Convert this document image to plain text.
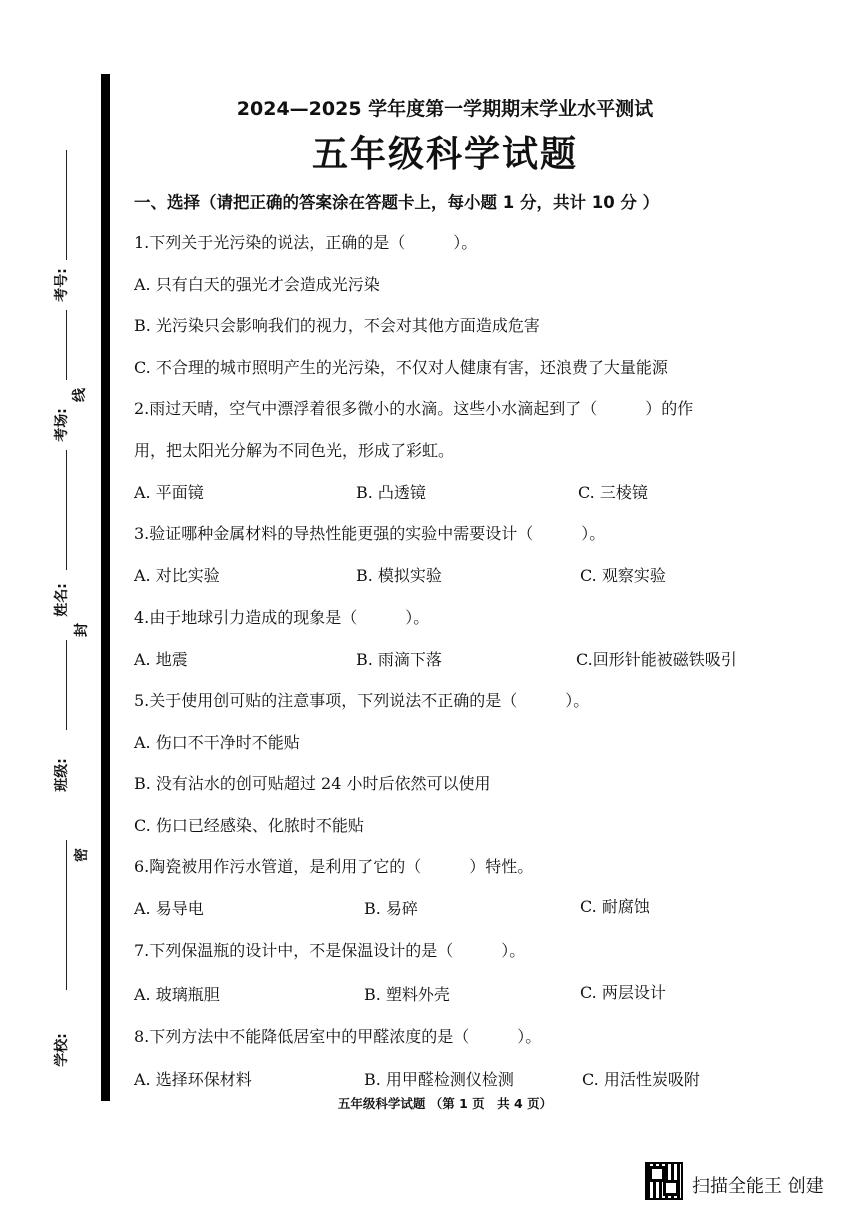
考号:
线
考场:
姓名:
封
班级:
密
学校:
2024—2025 学年度第一学期期末学业水平测试
五年级科学试题
一、选择（请把正确的答案涂在答题卡上，每小题 1 分，共计 10 分 ）
1.下列关于光污染的说法，正确的是（　　　）。
A. 只有白天的强光才会造成光污染
B. 光污染只会影响我们的视力，不会对其他方面造成危害
C. 不合理的城市照明产生的光污染，不仅对人健康有害，还浪费了大量能源
2.雨过天晴，空气中漂浮着很多微小的水滴。这些小水滴起到了（　　　）的作
用，把太阳光分解为不同色光，形成了彩虹。
A. 平面镜	B. 凸透镜	C. 三棱镜
3.验证哪种金属材料的导热性能更强的实验中需要设计（　　　）。
A. 对比实验	B. 模拟实验	C. 观察实验
4.由于地球引力造成的现象是（　　　）。
A. 地震	B. 雨滴下落	C.回形针能被磁铁吸引
5.关于使用创可贴的注意事项，下列说法不正确的是（　　　）。
A. 伤口不干净时不能贴
B. 没有沾水的创可贴超过 24 小时后依然可以使用
C. 伤口已经感染、化脓时不能贴
6.陶瓷被用作污水管道，是利用了它的（　　　）特性。
A. 易导电	B. 易碎	C. 耐腐蚀
7.下列保温瓶的设计中，不是保温设计的是（　　　）。
A. 玻璃瓶胆	B. 塑料外壳	C. 两层设计
8.下列方法中不能降低居室中的甲醛浓度的是（　　　）。
A. 选择环保材料	B. 用甲醛检测仪检测	C. 用活性炭吸附
五年级科学试题 （第 1 页　共 4 页）
扫描全能王 创建
